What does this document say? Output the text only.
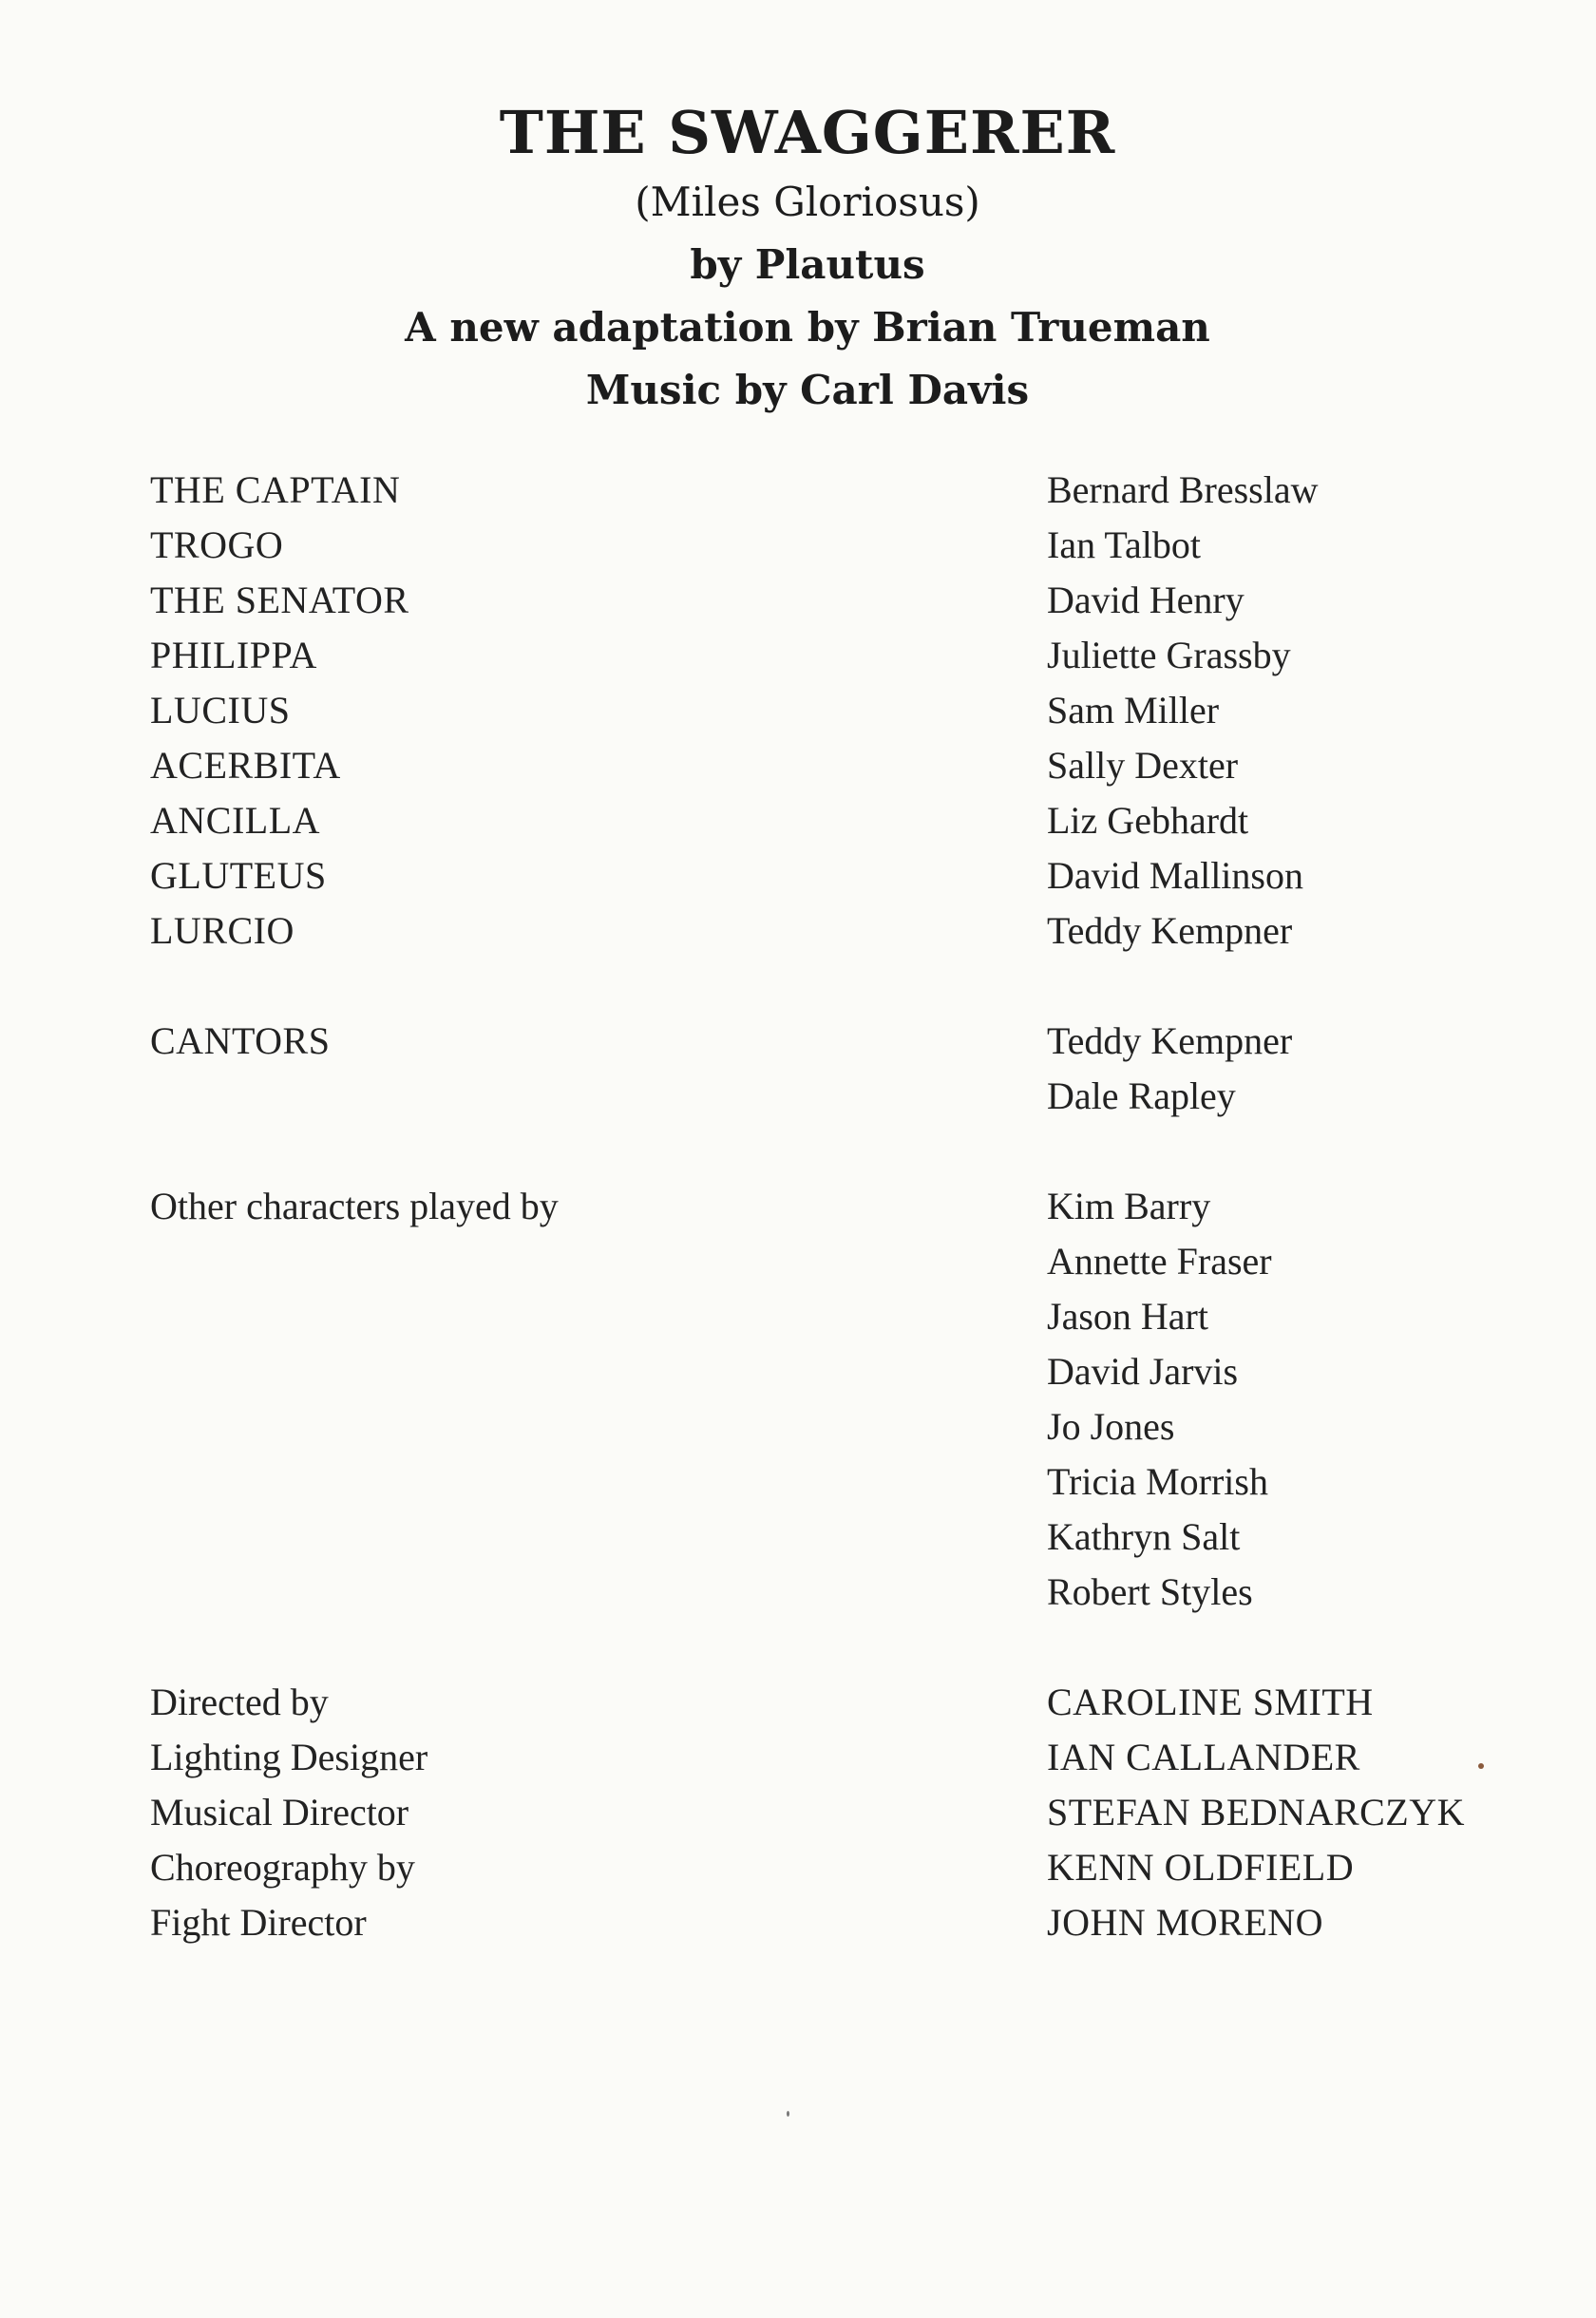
THE SWAGGERER
(Miles Gloriosus)
by Plautus
A new adaptation by Brian Trueman
Music by Carl Davis
THE CAPTAIN	Bernard Bresslaw
TROGO	Ian Talbot
THE SENATOR	David Henry
PHILIPPA	Juliette Grassby
LUCIUS	Sam Miller
ACERBITA	Sally Dexter
ANCILLA	Liz Gebhardt
GLUTEUS	David Mallinson
LURCIO	Teddy Kempner
CANTORS	Teddy Kempner
Dale Rapley
Other characters played by	Kim Barry
Annette Fraser
Jason Hart
David Jarvis
Jo Jones
Tricia Morrish
Kathryn Salt
Robert Styles
Directed by	CAROLINE SMITH
Lighting Designer	IAN CALLANDER
Musical Director	STEFAN BEDNARCZYK
Choreography by	KENN OLDFIELD
Fight Director	JOHN MORENO
